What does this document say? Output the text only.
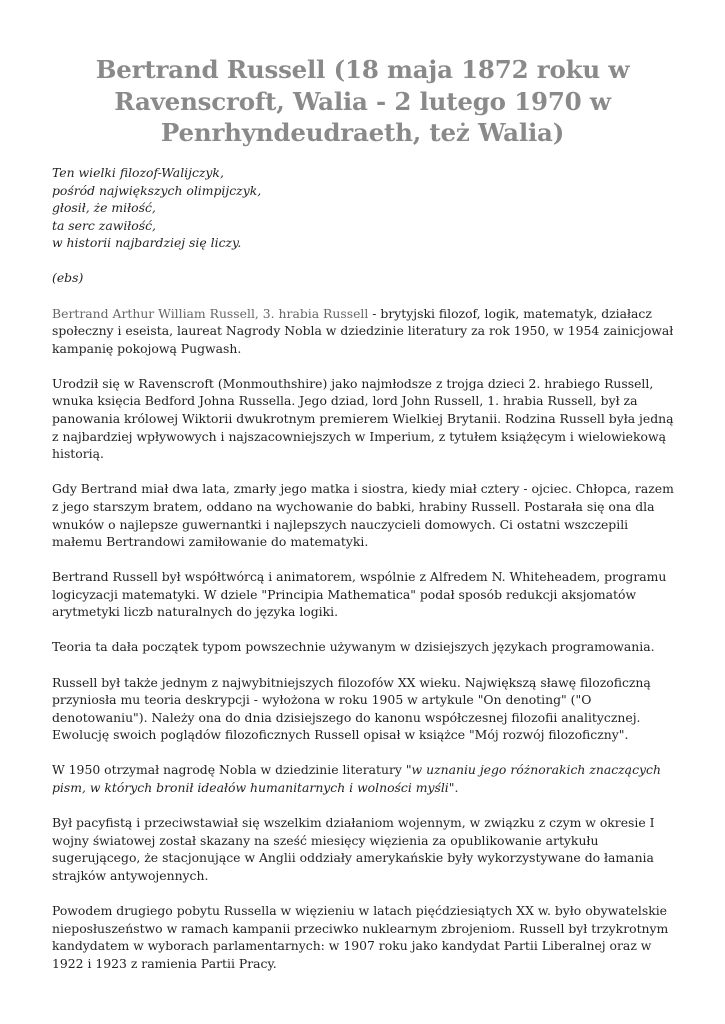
Bertrand Russell (18 maja 1872 roku w Ravenscroft, Walia - 2 lutego 1970 w Penrhyndeudraeth, też Walia)

Ten wielki filozof-Walijczyk,
pośród największych olimpijczyk,
głosił, że miłość,
ta serc zawiłość,
w historii najbardziej się liczy.

(ebs)

Bertrand Arthur William Russell, 3. hrabia Russell - brytyjski filozof, logik, matematyk, działacz społeczny i eseista, laureat Nagrody Nobla w dziedzinie literatury za rok 1950, w 1954 zainicjował kampanię pokojową Pugwash.

Urodził się w Ravenscroft (Monmouthshire) jako najmłodsze z trojga dzieci 2. hrabiego Russell, wnuka księcia Bedford Johna Russella. Jego dziad, lord John Russell, 1. hrabia Russell, był za panowania królowej Wiktorii dwukrotnym premierem Wielkiej Brytanii. Rodzina Russell była jedną z najbardziej wpływowych i najszacowniejszych w Imperium, z tytułem książęcym i wielowiekową historią.

Gdy Bertrand miał dwa lata, zmarły jego matka i siostra, kiedy miał cztery - ojciec. Chłopca, razem z jego starszym bratem, oddano na wychowanie do babki, hrabiny Russell. Postarała się ona dla wnuków o najlepsze guwernantki i najlepszych nauczycieli domowych. Ci ostatni wszczepili małemu Bertrandowi zamiłowanie do matematyki.

Bertrand Russell był współtwórcą i animatorem, wspólnie z Alfredem N. Whiteheadem, programu logicyzacji matematyki. W dziele "Principia Mathematica" podał sposób redukcji aksjomatów arytmetyki liczb naturalnych do języka logiki.

Teoria ta dała początek typom powszechnie używanym w dzisiejszych językach programowania.

Russell był także jednym z najwybitniejszych filozofów XX wieku. Największą sławę filozoficzną przyniosła mu teoria deskrypcji - wyłożona w roku 1905 w artykule "On denoting" ("O denotowaniu"). Należy ona do dnia dzisiejszego do kanonu współczesnej filozofii analitycznej. Ewolucję swoich poglądów filozoficznych Russell opisał w książce "Mój rozwój filozoficzny".

W 1950 otrzymał nagrodę Nobla w dziedzinie literatury "w uznaniu jego różnorakich znaczących pism, w których bronił ideałów humanitarnych i wolności myśli".

Był pacyfistą i przeciwstawiał się wszelkim działaniom wojennym, w związku z czym w okresie I wojny światowej został skazany na sześć miesięcy więzienia za opublikowanie artykułu sugerującego, że stacjonujące w Anglii oddziały amerykańskie były wykorzystywane do łamania strajków antywojennych.

Powodem drugiego pobytu Russella w więzieniu w latach pięćdziesiątych XX w. było obywatelskie nieposłuszeństwo w ramach kampanii przeciwko nuklearnym zbrojeniom. Russell był trzykrotnym kandydatem w wyborach parlamentarnych: w 1907 roku jako kandydat Partii Liberalnej oraz w 1922 i 1923 z ramienia Partii Pracy.
